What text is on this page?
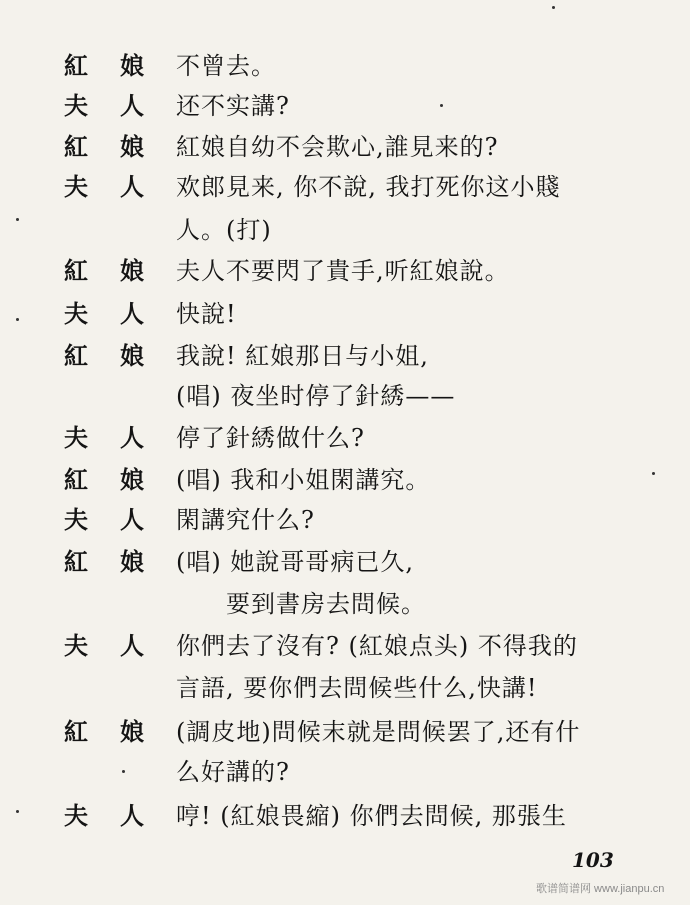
紅 娘 不曾去。
夫 人 还不实講?
紅 娘 紅娘自幼不会欺心,誰見来的?
夫 人 欢郎見来, 你不說, 我打死你这小賤
人。(打)
紅 娘 夫人不要閃了貴手,听紅娘說。
夫 人 快說!
紅 娘 我說! 紅娘那日与小姐,
(唱) 夜坐时停了針綉——
夫 人 停了針綉做什么?
紅 娘 (唱) 我和小姐閑講究。
夫 人 閑講究什么?
紅 娘 (唱) 她說哥哥病已久,
要到書房去問候。
夫 人 你們去了沒有? (紅娘点头) 不得我的
言語, 要你們去問候些什么,快講!
紅 娘 (調皮地)問候末就是問候罢了,还有什
么好講的?
夫 人 哼! (紅娘畏縮) 你們去問候, 那張生
103
歌谱简谱网 www.jianpu.cn
